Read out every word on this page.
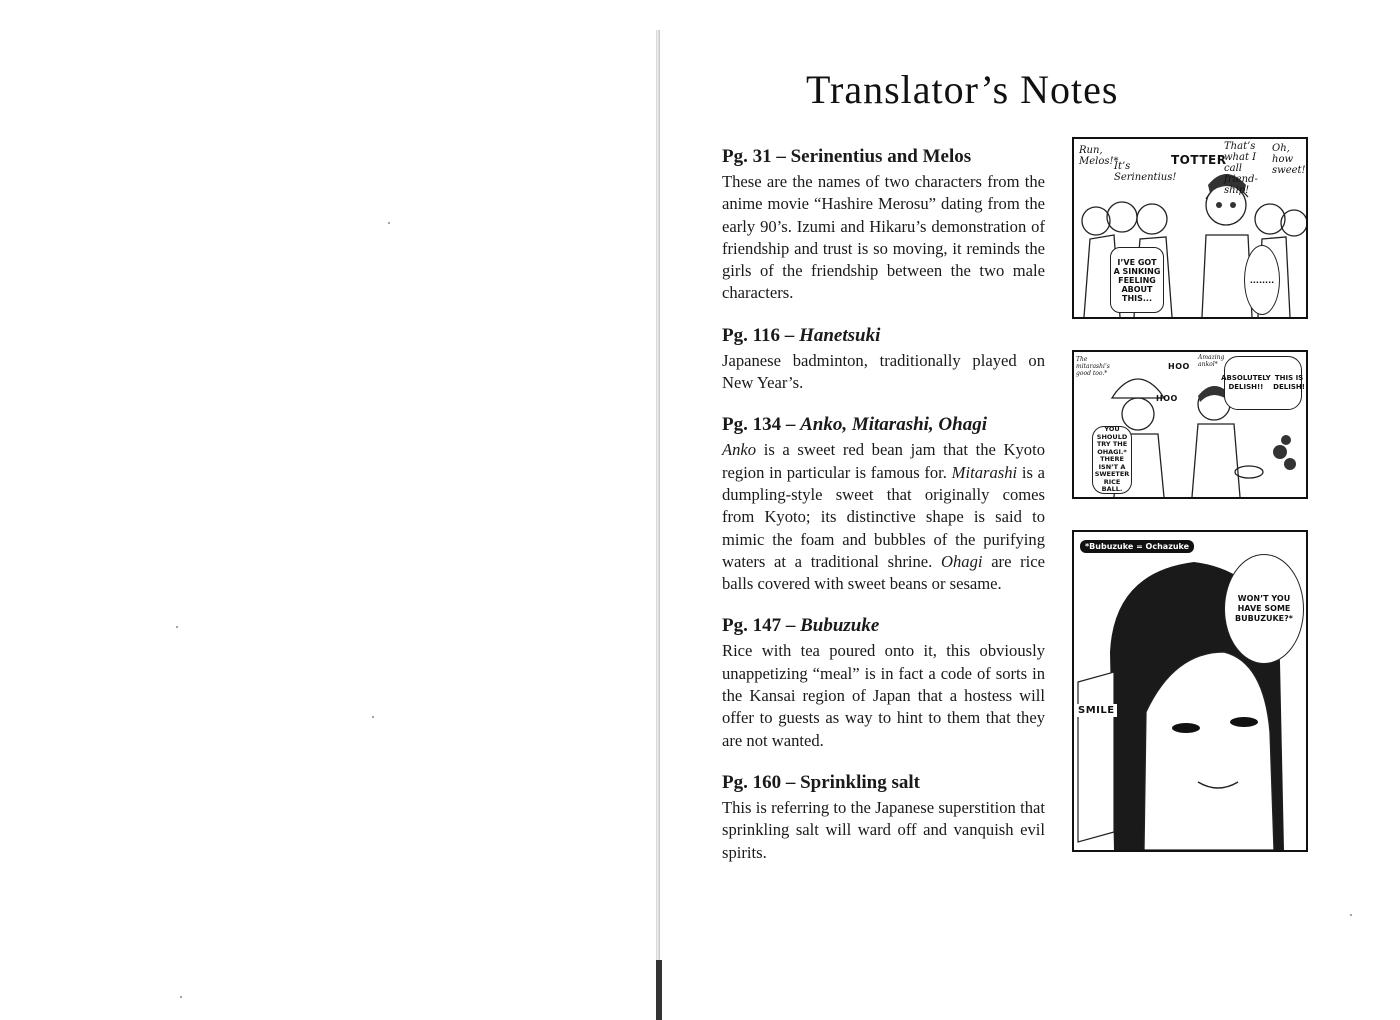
Translator’s Notes
Pg. 31 – Serinentius and Melos

These are the names of two characters from the anime movie “Hashire Merosu” dating from the early 90’s. Izumi and Hikaru’s demonstration of friendship and trust is so moving, it reminds the girls of the friendship between the two male characters.

Pg. 116 – Hanetsuki

Japanese badminton, traditionally played on New Year’s.

Pg. 134 – Anko, Mitarashi, Ohagi

Anko is a sweet red bean jam that the Kyoto region in particular is famous for. Mitarashi is a dumpling-style sweet that originally comes from Kyoto; its distinctive shape is said to mimic the foam and bubbles of the purifying waters at a traditional shrine. Ohagi are rice balls covered with sweet beans or sesame.

Pg. 147 – Bubuzuke

Rice with tea poured onto it, this obviously unappetizing “meal” is in fact a code of sorts in the Kansai region of Japan that a hostess will offer to guests as way to hint to them that they are not wanted.

Pg. 160 – Sprinkling salt

This is referring to the Japanese superstition that sprinkling salt will ward off and vanquish evil spirits.

Run, Melos!*
It’s Serinentius!
TOTTER
That’s what I call friend-ship!
Oh, how sweet!
I’VE GOT A SINKING FEELING ABOUT THIS...
........
The mitarashi’s good too.*
HOO
HOO
Amazing ankol*
ABSOLUTELY DELISH!!

THIS IS DELISH!
YOU SHOULD TRY THE OHAGI.* THERE ISN’T A SWEETER RICE BALL.
*Bubuzuke = Ochazuke
WON’T YOU HAVE SOME BUBUZUKE?*
SMILE
